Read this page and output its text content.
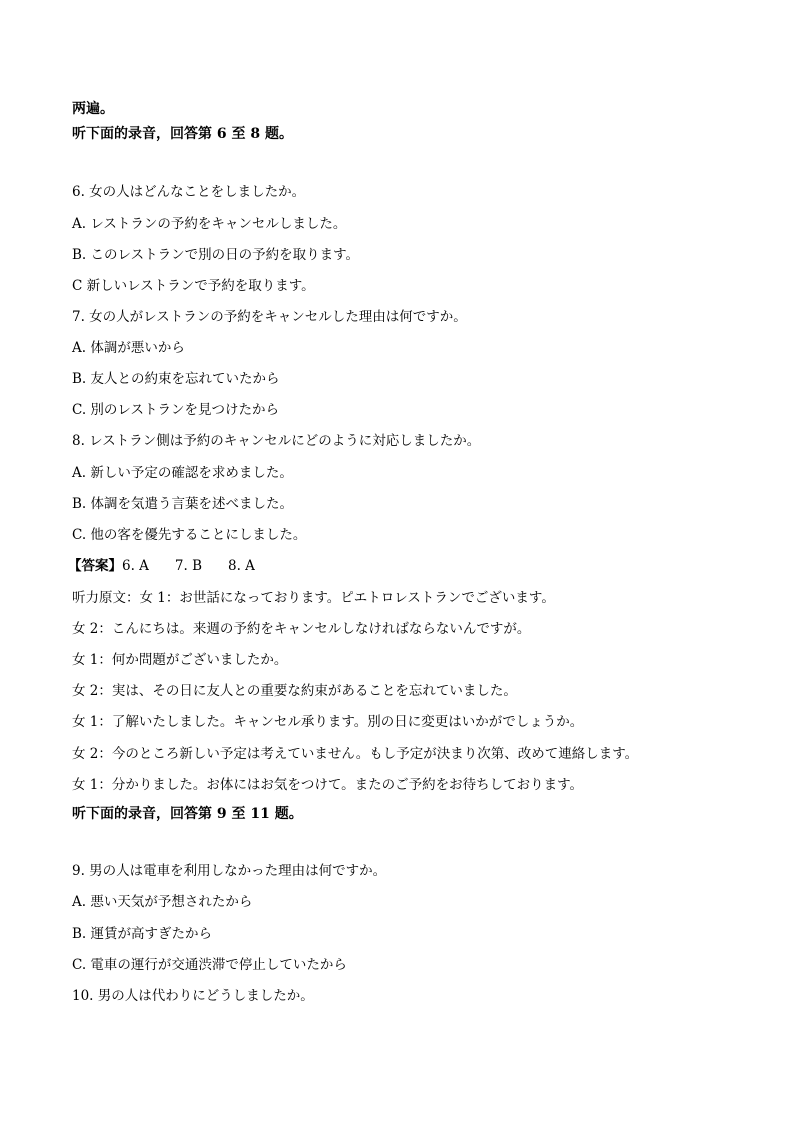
两遍。
听下面的录音，回答第 6 至 8 题。
6. 女の人はどんなことをしましたか。
A. レストランの予約をキャンセルしました。
B. このレストランで別の日の予約を取ります。
C 新しいレストランで予約を取ります。
7. 女の人がレストランの予約をキャンセルした理由は何ですか。
A. 体調が悪いから
B. 友人との約束を忘れていたから
C. 別のレストランを見つけたから
8. レストラン側は予約のキャンセルにどのように対応しましたか。
A. 新しい予定の確認を求めました。
B. 体調を気遣う言葉を述べました。
C. 他の客を優先することにしました。
【答案】6. A 7. B 8. A
听力原文：女 1：お世話になっております。ピエトロレストランでございます。
女 2：こんにちは。来週の予約をキャンセルしなければならないんですが。
女 1：何か問題がございましたか。
女 2：実は、その日に友人との重要な約束があることを忘れていました。
女 1：了解いたしました。キャンセル承ります。別の日に変更はいかがでしょうか。
女 2：今のところ新しい予定は考えていません。もし予定が決まり次第、改めて連絡します。
女 1：分かりました。お体にはお気をつけて。またのご予約をお待ちしております。
听下面的录音，回答第 9 至 11 题。
9. 男の人は電車を利用しなかった理由は何ですか。
A. 悪い天気が予想されたから
B. 運賃が高すぎたから
C. 電車の運行が交通渋滞で停止していたから
10. 男の人は代わりにどうしましたか。
